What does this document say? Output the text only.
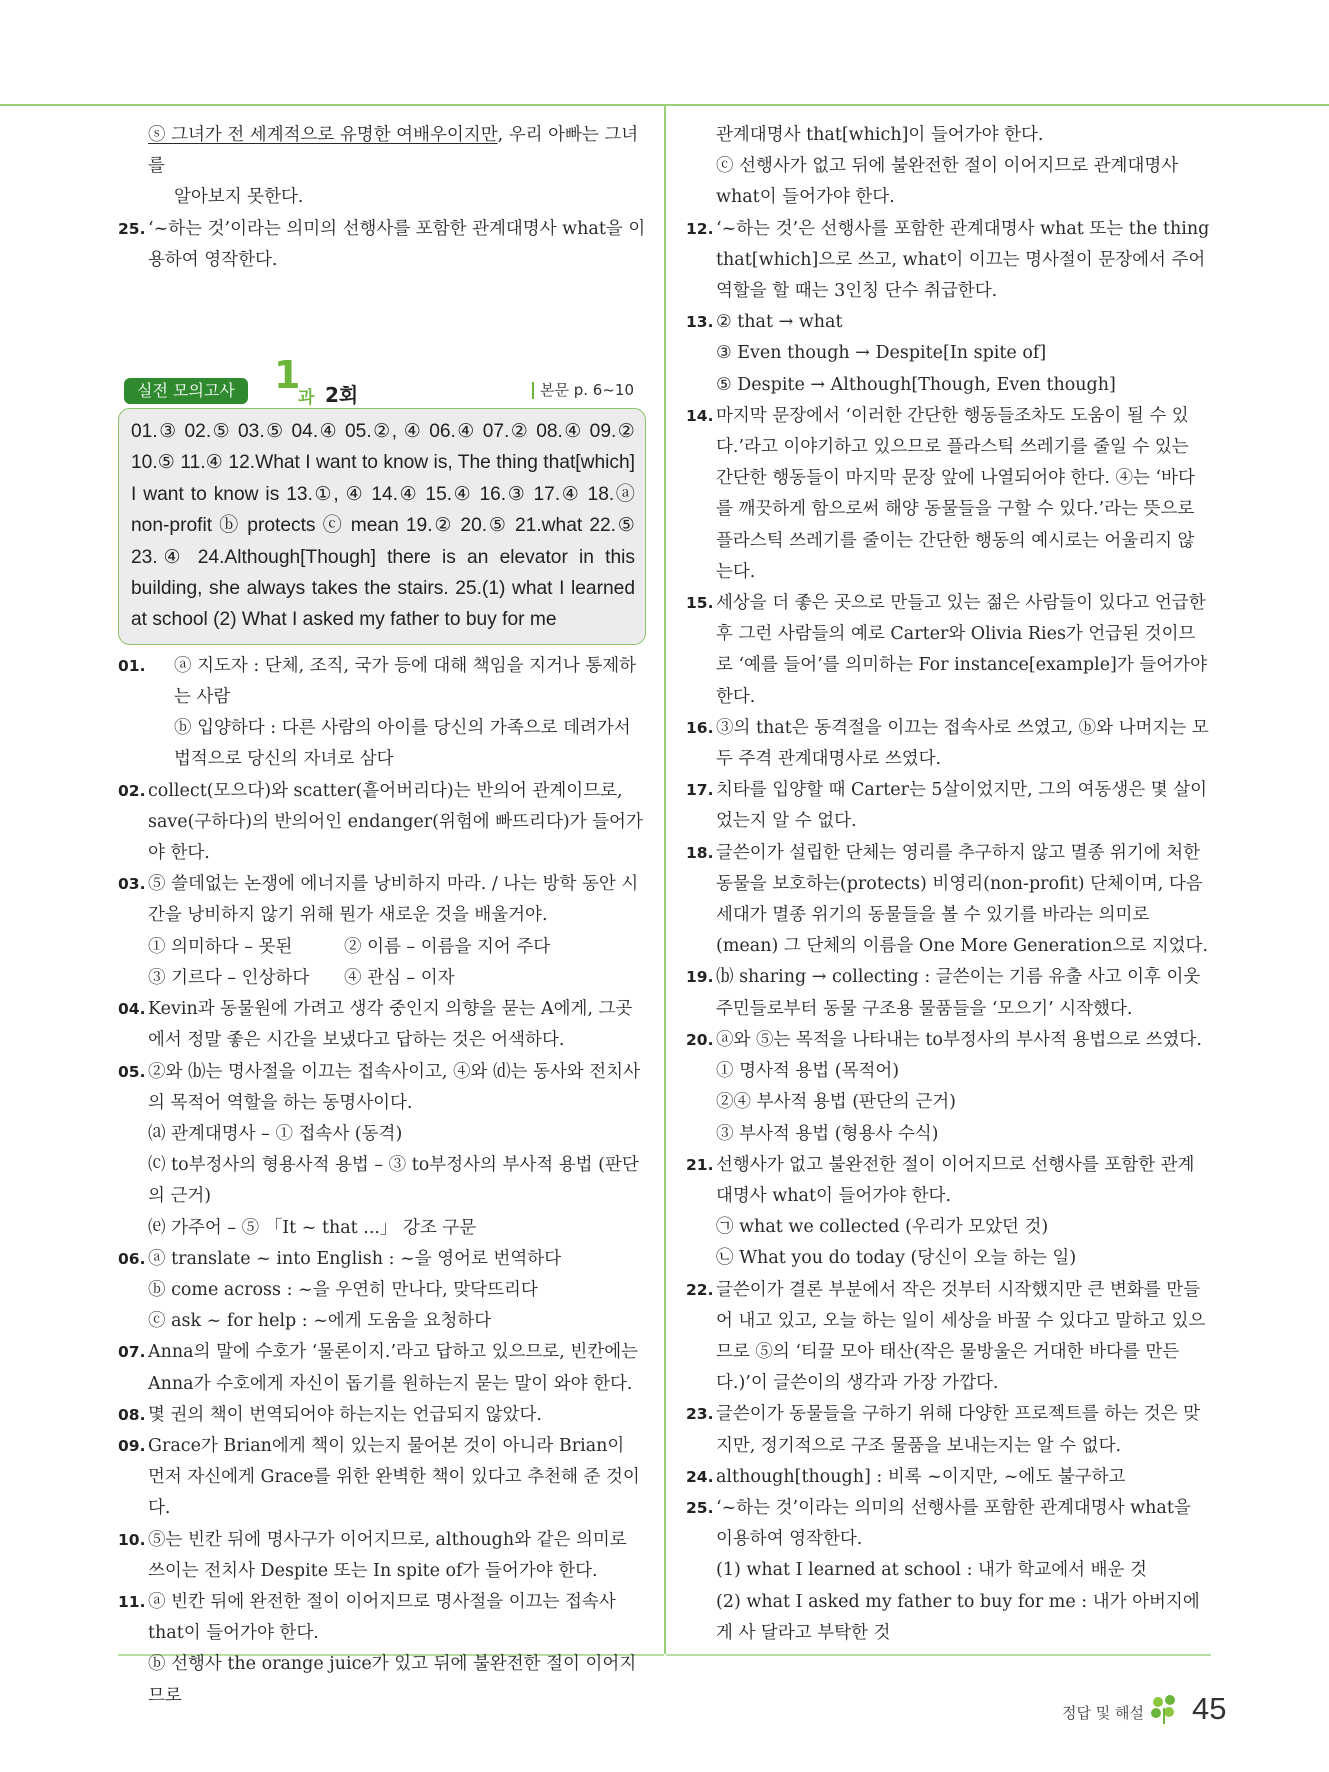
ⓢ 그녀가 전 세계적으로 유명한 여배우이지만, 우리 아빠는 그녀를
알아보지 못한다.
25. ‘~하는 것’이라는 의미의 선행사를 포함한 관계대명사 what을 이용하여 영작한다.
실전 모의고사	1
과 2회	본문 p. 6~10
01.③ 02.⑤ 03.⑤ 04.④ 05.②, ④ 06.④ 07.② 08.④ 09.② 10.⑤ 11.④ 12.What I want to know is, The thing that[which] I want to know is 13.①, ④ 14.④ 15.④ 16.③ 17.④ 18.ⓐ non-profit ⓑ protects ⓒ mean 19.② 20.⑤ 21.what 22.⑤ 23.④ 24.Although[Though] there is an elevator in this building, she always takes the stairs. 25.(1) what I learned at school (2) What I asked my father to buy for me
01.	ⓐ 지도자 : 단체, 조직, 국가 등에 대해 책임을 지거나 통제하는 사람
ⓑ 입양하다 : 다른 사람의 아이를 당신의 가족으로 데려가서 법적으로 당신의 자녀로 삼다
02. collect(모으다)와 scatter(흩어버리다)는 반의어 관계이므로, save(구하다)의 반의어인 endanger(위험에 빠뜨리다)가 들어가야 한다.
03. ⑤ 쓸데없는 논쟁에 에너지를 낭비하지 마라. / 나는 방학 동안 시간을 낭비하지 않기 위해 뭔가 새로운 것을 배울거야.
① 의미하다 – 못된	② 이름 – 이름을 지어 주다
③ 기르다 – 인상하다	④ 관심 – 이자
04. Kevin과 동물원에 가려고 생각 중인지 의향을 묻는 A에게, 그곳에서 정말 좋은 시간을 보냈다고 답하는 것은 어색하다.
05. ②와 ⒝는 명사절을 이끄는 접속사이고, ④와 ⒟는 동사와 전치사의 목적어 역할을 하는 동명사이다.
⒜ 관계대명사 – ① 접속사 (동격)
⒞ to부정사의 형용사적 용법 – ③ to부정사의 부사적 용법 (판단의 근거)
⒠ 가주어 – ⑤ 「It ~ that ...」 강조 구문
06. ⓐ translate ~ into English : ~을 영어로 번역하다
ⓑ come across : ~을 우연히 만나다, 맞닥뜨리다
ⓒ ask ~ for help : ~에게 도움을 요청하다
07. Anna의 말에 수호가 ‘물론이지.’라고 답하고 있으므로, 빈칸에는 Anna가 수호에게 자신이 돕기를 원하는지 묻는 말이 와야 한다.
08. 몇 권의 책이 번역되어야 하는지는 언급되지 않았다.
09. Grace가 Brian에게 책이 있는지 물어본 것이 아니라 Brian이 먼저 자신에게 Grace를 위한 완벽한 책이 있다고 추천해 준 것이다.
10. ⑤는 빈칸 뒤에 명사구가 이어지므로, although와 같은 의미로 쓰이는 전치사 Despite 또는 In spite of가 들어가야 한다.
11. ⓐ 빈칸 뒤에 완전한 절이 이어지므로 명사절을 이끄는 접속사 that이 들어가야 한다.
ⓑ 선행사 the orange juice가 있고 뒤에 불완전한 절이 이어지므로
관계대명사 that[which]이 들어가야 한다.
ⓒ 선행사가 없고 뒤에 불완전한 절이 이어지므로 관계대명사 what이 들어가야 한다.
12. ‘~하는 것’은 선행사를 포함한 관계대명사 what 또는 the thing that[which]으로 쓰고, what이 이끄는 명사절이 문장에서 주어 역할을 할 때는 3인칭 단수 취급한다.
13. ② that → what
③ Even though → Despite[In spite of]
⑤ Despite → Although[Though, Even though]
14. 마지막 문장에서 ‘이러한 간단한 행동들조차도 도움이 될 수 있다.’라고 이야기하고 있으므로 플라스틱 쓰레기를 줄일 수 있는 간단한 행동들이 마지막 문장 앞에 나열되어야 한다. ④는 ‘바다를 깨끗하게 함으로써 해양 동물들을 구할 수 있다.’라는 뜻으로 플라스틱 쓰레기를 줄이는 간단한 행동의 예시로는 어울리지 않는다.
15. 세상을 더 좋은 곳으로 만들고 있는 젊은 사람들이 있다고 언급한 후 그런 사람들의 예로 Carter와 Olivia Ries가 언급된 것이므로 ‘예를 들어’를 의미하는 For instance[example]가 들어가야 한다.
16. ③의 that은 동격절을 이끄는 접속사로 쓰였고, ⓑ와 나머지는 모두 주격 관계대명사로 쓰였다.
17. 치타를 입양할 때 Carter는 5살이었지만, 그의 여동생은 몇 살이었는지 알 수 없다.
18. 글쓴이가 설립한 단체는 영리를 추구하지 않고 멸종 위기에 처한 동물을 보호하는(protects) 비영리(non-profit) 단체이며, 다음 세대가 멸종 위기의 동물들을 볼 수 있기를 바라는 의미로(mean) 그 단체의 이름을 One More Generation으로 지었다.
19. ⒝ sharing → collecting : 글쓴이는 기름 유출 사고 이후 이웃 주민들로부터 동물 구조용 물품들을 ‘모으기’ 시작했다.
20. ⓐ와 ⑤는 목적을 나타내는 to부정사의 부사적 용법으로 쓰였다.
① 명사적 용법 (목적어)
②④ 부사적 용법 (판단의 근거)
③ 부사적 용법 (형용사 수식)
21. 선행사가 없고 불완전한 절이 이어지므로 선행사를 포함한 관계대명사 what이 들어가야 한다.
㉠ what we collected (우리가 모았던 것)
㉡ What you do today (당신이 오늘 하는 일)
22. 글쓴이가 결론 부분에서 작은 것부터 시작했지만 큰 변화를 만들어 내고 있고, 오늘 하는 일이 세상을 바꿀 수 있다고 말하고 있으므로 ⑤의 ‘티끌 모아 태산(작은 물방울은 거대한 바다를 만든다.)’이 글쓴이의 생각과 가장 가깝다.
23. 글쓴이가 동물들을 구하기 위해 다양한 프로젝트를 하는 것은 맞지만, 정기적으로 구조 물품을 보내는지는 알 수 없다.
24. although[though] : 비록 ~이지만, ~에도 불구하고
25. ‘~하는 것’이라는 의미의 선행사를 포함한 관계대명사 what을 이용하여 영작한다.
(1) what I learned at school : 내가 학교에서 배운 것
(2) what I asked my father to buy for me : 내가 아버지에게 사 달라고 부탁한 것
정답 및 해설 45
